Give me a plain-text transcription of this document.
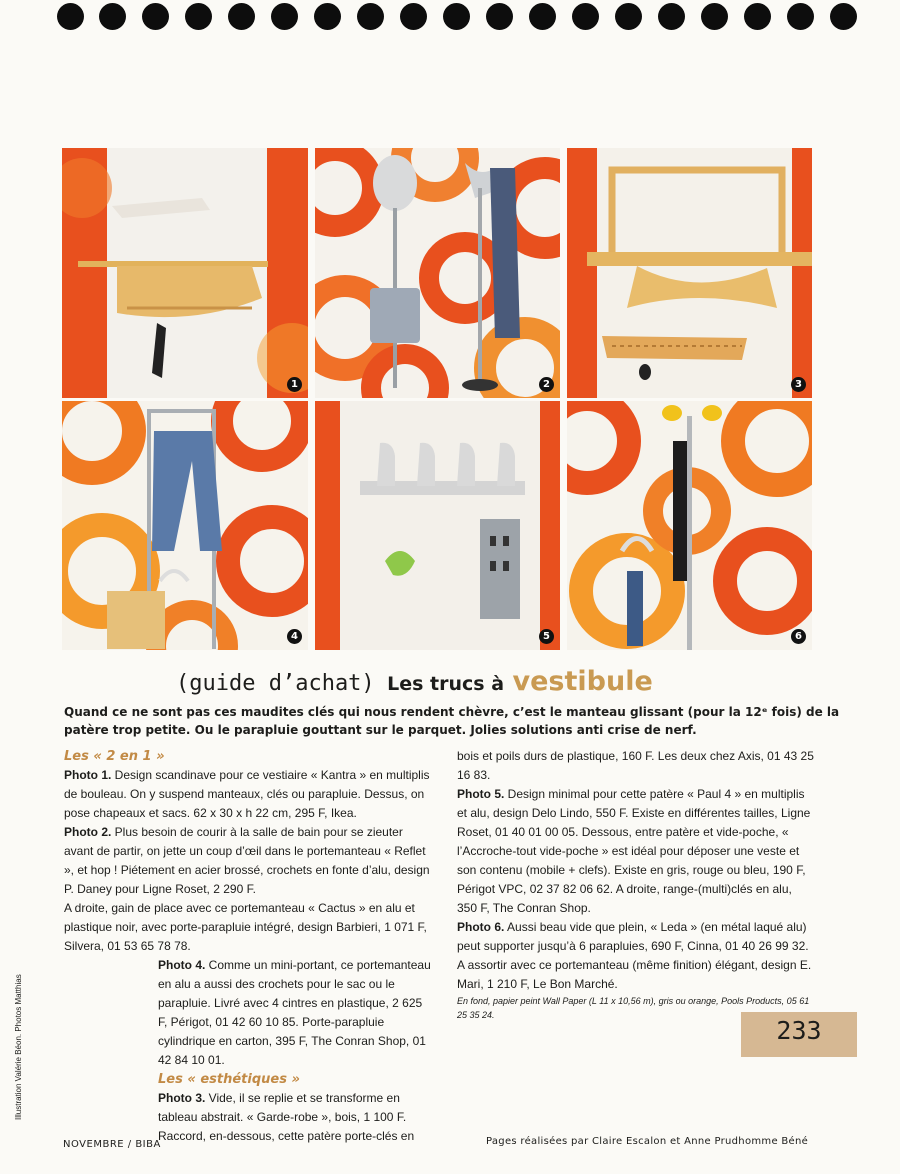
1	2	3
4	5	6
(guide d’achat) Les trucs à vestibule
Quand ce ne sont pas ces maudites clés qui nous rendent chèvre, c’est le manteau glissant (pour la 12ᵉ fois) de la patère trop petite. Ou le parapluie gouttant sur le parquet. Jolies solutions anti crise de nerf.

Les « 2 en 1 »

Photo 1. Design scandinave pour ce vestiaire « Kantra » en multiplis de bouleau. On y suspend manteaux, clés ou parapluie. Dessus, on pose chapeaux et sacs. 62 x 30 x h 22 cm, 295 F, Ikea.

Photo 2. Plus besoin de courir à la salle de bain pour se zieuter avant de partir, on jette un coup d’œil dans le portemanteau « Reflet », et hop ! Piétement en acier brossé, crochets en fonte d’alu, design P. Daney pour Ligne Roset, 2 290 F.

A droite, gain de place avec ce portemanteau « Cactus » en alu et plastique noir, avec porte-parapluie intégré, design Barbieri, 1 071 F, Silvera, 01 53 65 78 78.

Photo 4. Comme un mini-portant, ce portemanteau en alu a aussi des crochets pour le sac ou le parapluie. Livré avec 4 cintres en plastique, 2 625 F, Périgot, 01 42 60 10 85. Porte-parapluie cylindrique en carton, 395 F, The Conran Shop, 01 42 84 10 01.

Les « esthétiques »

Photo 3. Vide, il se replie et se transforme en tableau abstrait. « Garde-robe », bois, 1 100 F. Raccord, en-dessous, cette patère porte-clés en

bois et poils durs de plastique, 160 F. Les deux chez Axis, 01 43 25 16 83.

Photo 5. Design minimal pour cette patère « Paul 4 » en multiplis et alu, design Delo Lindo, 550 F. Existe en différentes tailles, Ligne Roset, 01 40 01 00 05. Dessous, entre patère et vide-poche, « l’Accroche-tout vide-poche » est idéal pour déposer une veste et son contenu (mobile + clefs). Existe en gris, rouge ou bleu, 190 F, Périgot VPC, 02 37 82 06 62. A droite, range-(multi)clés en alu, 350 F, The Conran Shop.

Photo 6. Aussi beau vide que plein, « Leda » (en métal laqué alu) peut supporter jusqu’à 6 parapluies, 690 F, Cinna, 01 40 26 99 32. A assortir avec ce portemanteau (même finition) élégant, design E. Mari, 1 210 F, Le Bon Marché.

En fond, papier peint Wall Paper (L 11 x 10,56 m), gris ou orange, Pools Products, 05 61 25 35 24.

233
Illustration Valérie Béon. Photos Matthias
NOVEMBRE / BIBA	Pages réalisées par Claire Escalon et Anne Prudhomme Béné
